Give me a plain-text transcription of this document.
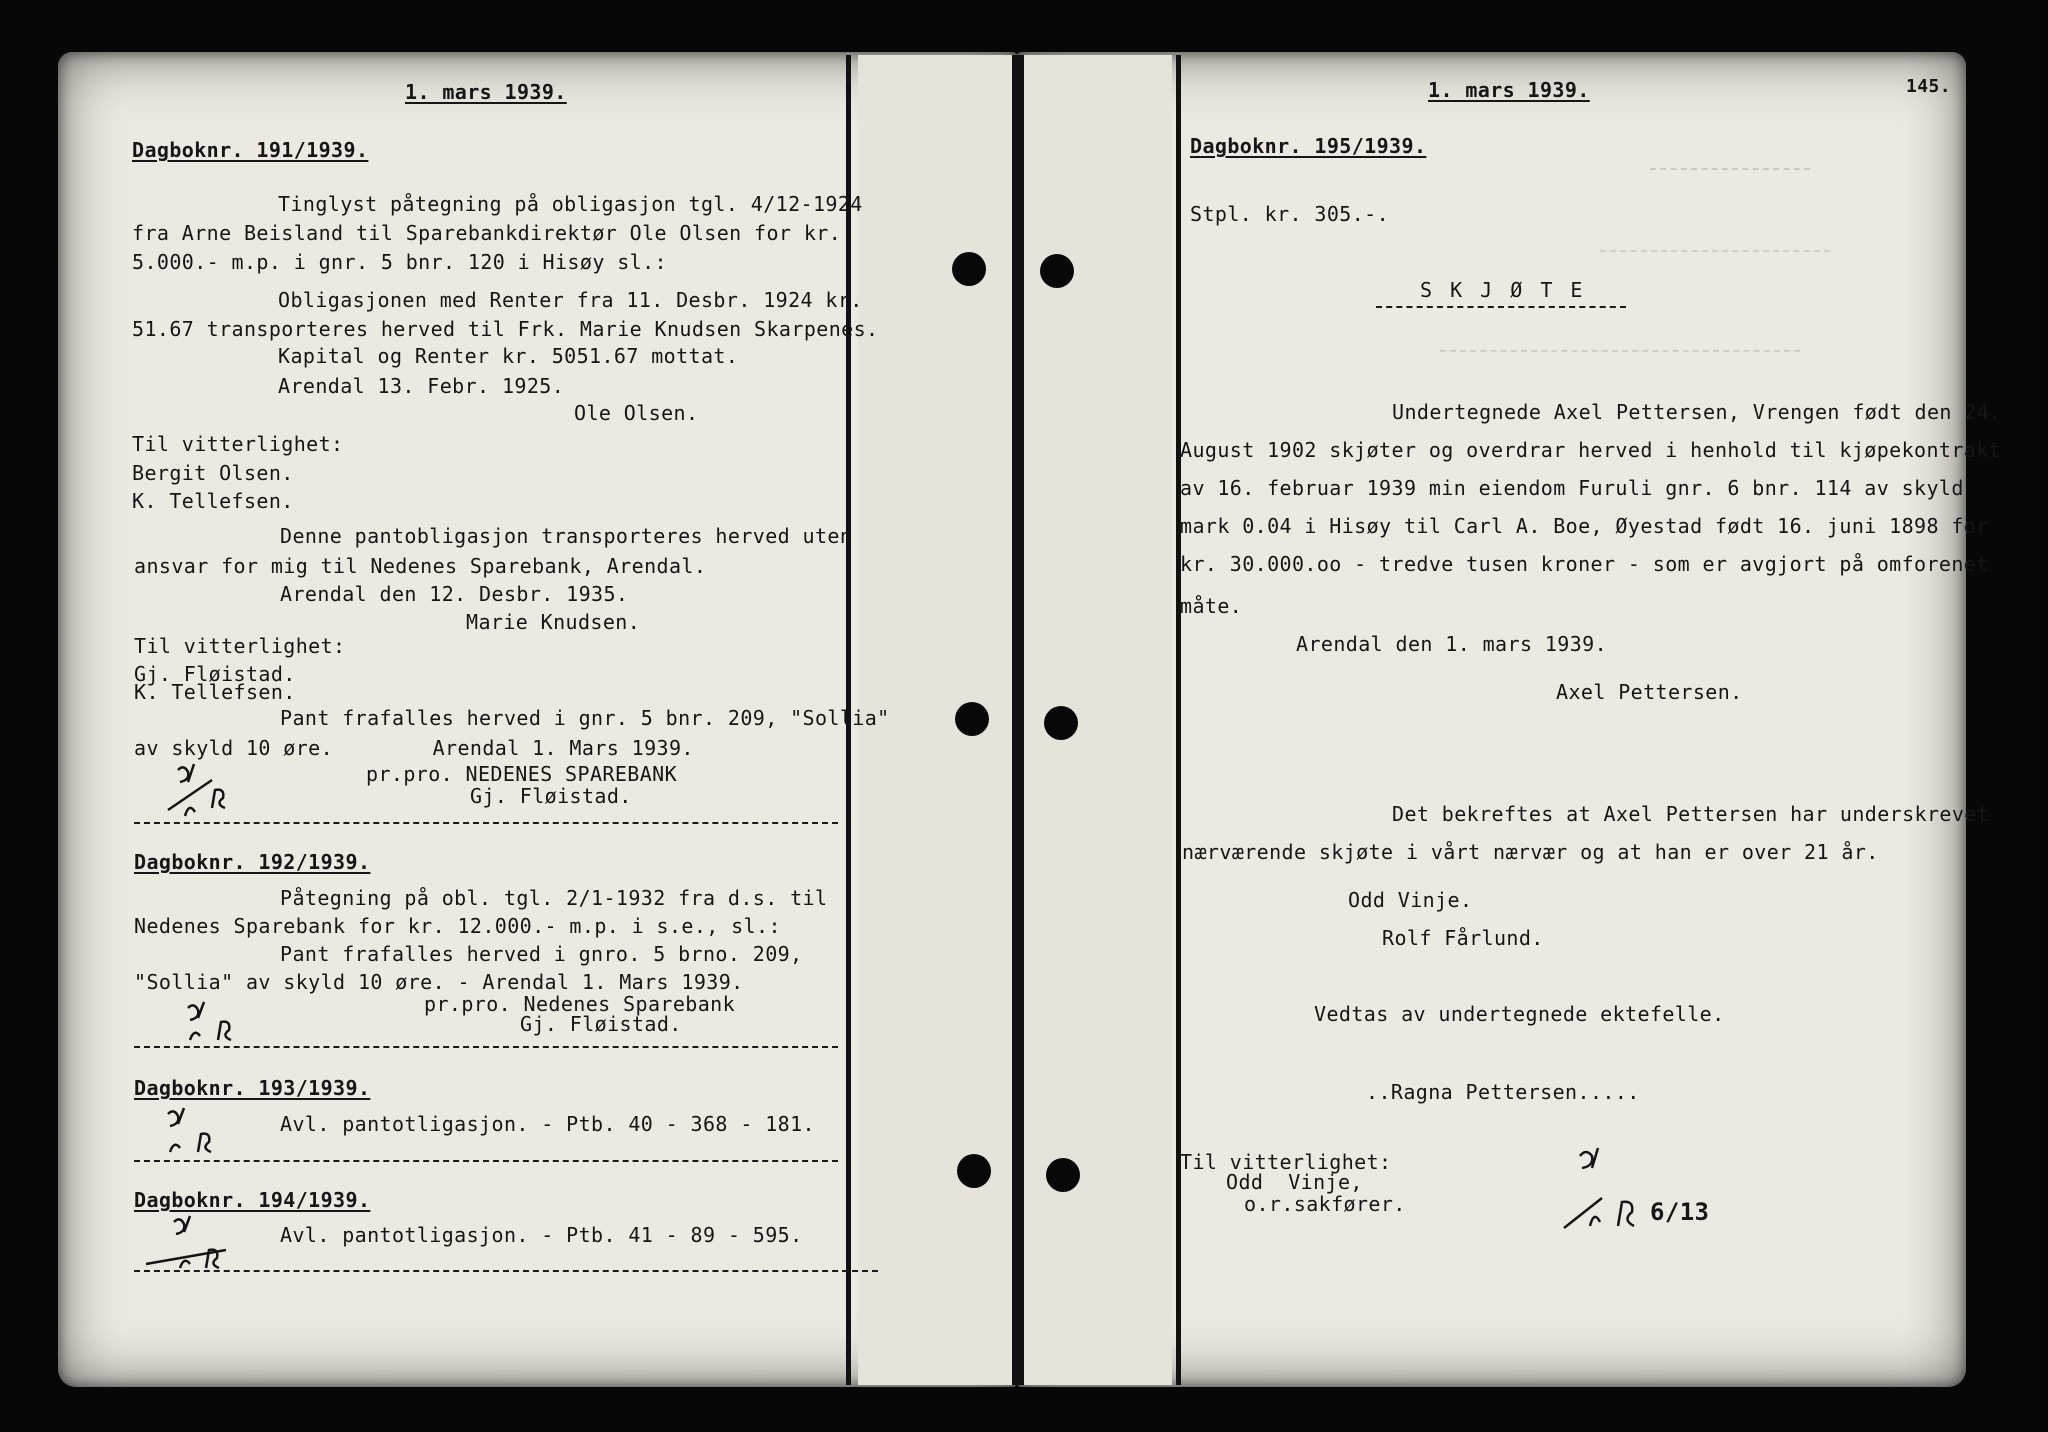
1. mars 1939.
Dagboknr. 191/1939.
Tinglyst påtegning på obligasjon tgl. 4/12-1924
fra Arne Beisland til Sparebankdirektør Ole Olsen for kr.
5.000.- m.p. i gnr. 5 bnr. 120 i Hisøy sl.:
Obligasjonen med Renter fra 11. Desbr. 1924 kr.
51.67 transporteres herved til Frk. Marie Knudsen Skarpenes.
Kapital og Renter kr. 5051.67 mottat.
Arendal 13. Febr. 1925.
Ole Olsen.
Til vitterlighet:
Bergit Olsen.
K. Tellefsen.
Denne pantobligasjon transporteres herved uten
ansvar for mig til Nedenes Sparebank, Arendal.
Arendal den 12. Desbr. 1935.
Marie Knudsen.
Til vitterlighet:
Gj. Fløistad.
K. Tellefsen.
Pant frafalles herved i gnr. 5 bnr. 209, "Sollia"
av skyld 10 øre.        Arendal 1. Mars 1939.
pr.pro. NEDENES SPAREBANK
Gj. Fløistad.
Dagboknr. 192/1939.
Påtegning på obl. tgl. 2/1-1932 fra d.s. til
Nedenes Sparebank for kr. 12.000.- m.p. i s.e., sl.:
Pant frafalles herved i gnro. 5 brno. 209,
"Sollia" av skyld 10 øre. - Arendal 1. Mars 1939.
pr.pro. Nedenes Sparebank
Gj. Fløistad.
Dagboknr. 193/1939.
Avl. pantotligasjon. - Ptb. 40 - 368 - 181.
Dagboknr. 194/1939.
Avl. pantotligasjon. - Ptb. 41 - 89 - 595.
1. mars 1939.	145.
Dagboknr. 195/1939.
Stpl. kr. 305.-.
S K J Ø T E
Undertegnede Axel Pettersen, Vrengen født den 24.
August 1902 skjøter og overdrar herved i henhold til kjøpekontrakt
av 16. februar 1939 min eiendom Furuli gnr. 6 bnr. 114 av skyld
mark 0.04 i Hisøy til Carl A. Boe, Øyestad født 16. juni 1898 for
kr. 30.000.oo - tredve tusen kroner - som er avgjort på omforenet
måte.
Arendal den 1. mars 1939.
Axel Pettersen.
Det bekreftes at Axel Pettersen har underskrevet
nærværende skjøte i vårt nærvær og at han er over 21 år.
Odd Vinje.
Rolf Fårlund.
Vedtas av undertegnede ektefelle.
..Ragna Pettersen.....
Til vitterlighet:
Odd  Vinje,
o.r.sakfører.	6/13
